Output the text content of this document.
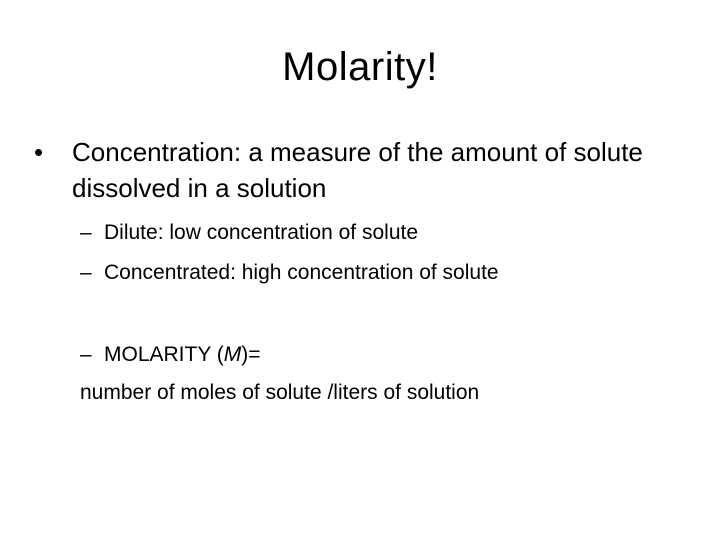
Molarity!
• Concentration: a measure of the amount of solute dissolved in a solution
– Dilute: low concentration of solute
– Concentrated: high concentration of solute
– MOLARITY (M)=
number of moles of solute /liters of solution
